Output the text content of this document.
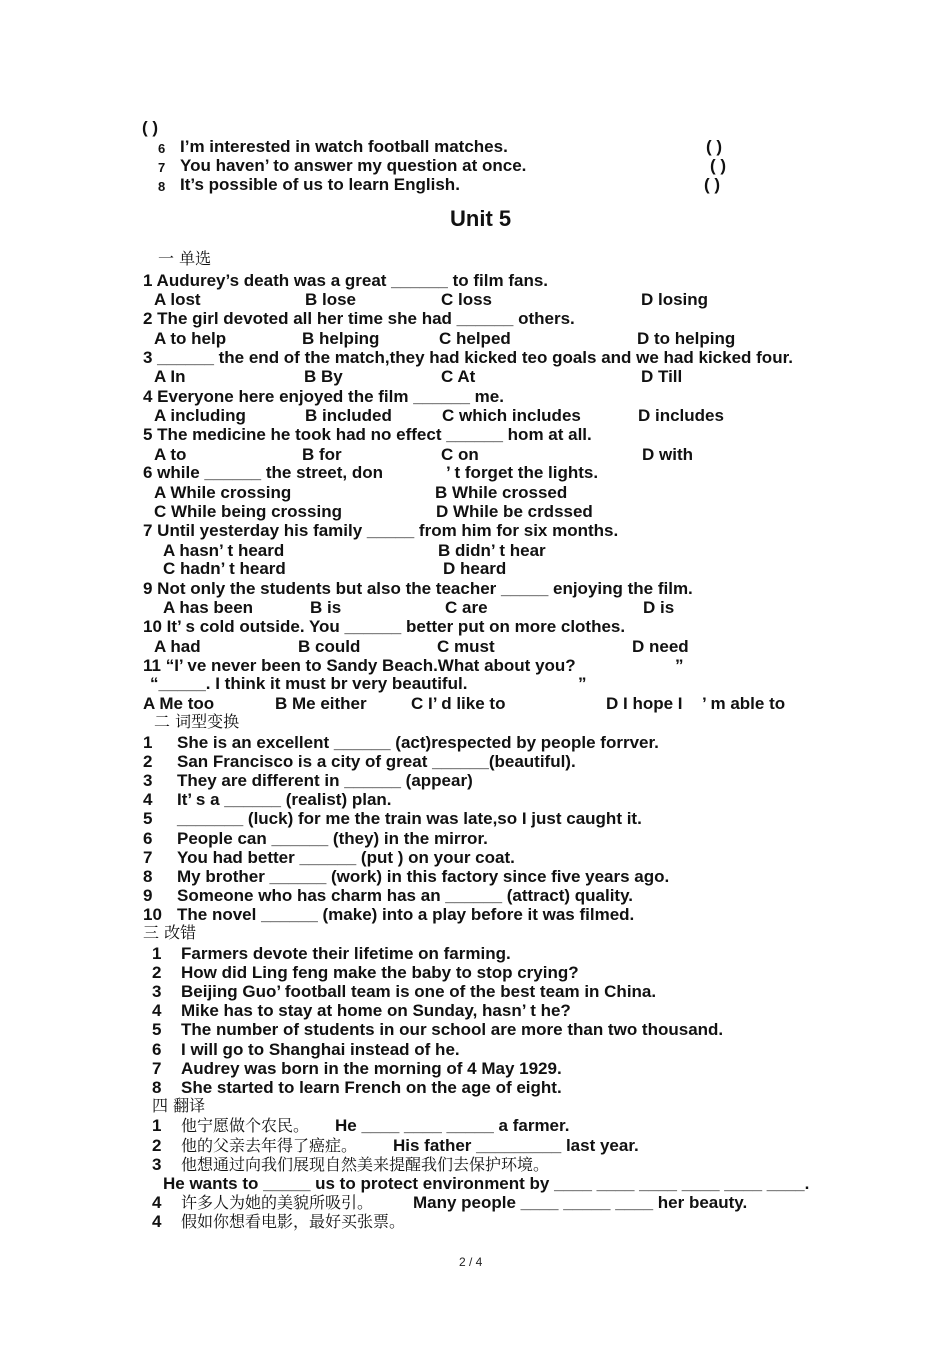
( )
6 I’m interested in watch football matches.	( )
7 You haven’ to answer my question at once.	( )
8 It’s possible of us to learn English.	( )
Unit 5
一 单选
1 Audurey’s death was a great ______ to film fans.
A lost	B lose	C loss	D losing
2 The girl devoted all her time she had ______ others.
A to help	B helping	C helped	D to helping
3 ______ the end of the match,they had kicked teo goals and we had kicked four.
A In	B By	C At	D Till
4 Everyone here enjoyed the film ______ me.
A including	B included	C which includes	D includes
5 The medicine he took had no effect ______ hom at all.
A to	B for	C on	D with
6 while ______ the street, don	’ t forget the lights.
A While crossing	B While crossed
C While being crossing	D While be crdssed
7 Until yesterday his family _____ from him for six months.
A hasn’ t heard	B didn’ t hear
C hadn’ t heard	D heard
9 Not only the students but also the teacher _____ enjoying the film.
A has been	B is	C are	D is
10 It’ s cold outside. You ______ better put on more clothes.
A had	B could	C must	D need
11 “I’ ve never been to Sandy Beach.What about you?	”
“_____. I think it must br very beautiful.	”
A Me too	B Me either	C I’ d like to	D I hope I ’ m able to
二 词型变换
1 She is an excellent ______ (act)respected by people forrver.
2 San Francisco is a city of great ______(beautiful).
3 They are different in ______ (appear)
4 It’ s a ______ (realist) plan.
5 _______ (luck) for me the train was late,so I just caught it.
6 People can ______ (they) in the mirror.
7 You had better ______ (put ) on your coat.
8 My brother ______ (work) in this factory since five years ago.
9 Someone who has charm has an ______ (attract) quality.
10 The novel ______ (make) into a play before it was filmed.
三 改错
1 Farmers devote their lifetime on farming.
2 How did Ling feng make the baby to stop crying?
3 Beijing Guo’ football team is one of the best team in China.
4 Mike has to stay at home on Sunday, hasn’ t he?
5 The number of students in our school are more than two thousand.
6 I will go to Shanghai instead of he.
7 Audrey was born in the morning of 4 May 1929.
8 She started to learn French on the age of eight.
四 翻译
1 他宁愿做个农民。 He ____ ____ _____ a farmer.
2 他的父亲去年得了癌症。 His father _________ last year.
3 他想通过向我们展现自然美来提醒我们去保护环境。
He wants to _____ us to protect environment by ____ ____ ____ ____ ____ ____.
4 许多人为她的美貌所吸引。 Many people ____ _____ ____ her beauty.
4 假如你想看电影，最好买张票。
2 / 4
